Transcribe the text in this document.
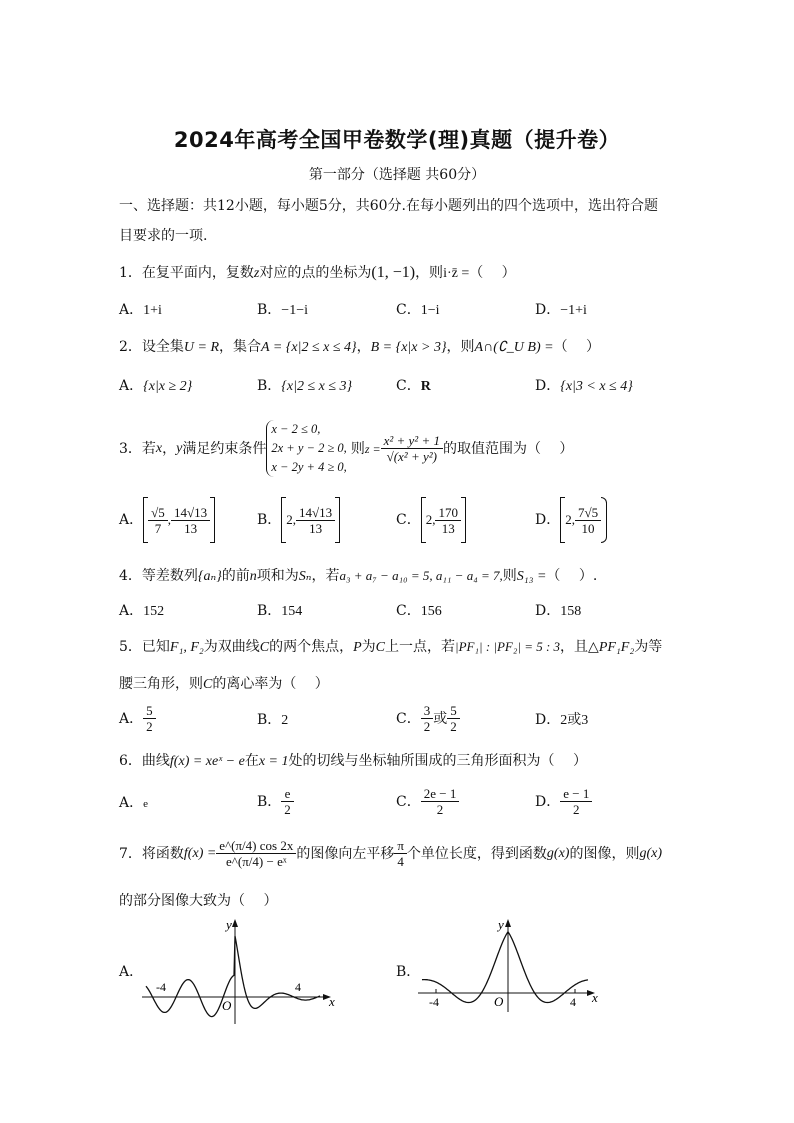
2024年高考全国甲卷数学(理)真题（提升卷）
第一部分（选择题 共60分）
一、选择题：共12小题，每小题5分，共60分.在每小题列出的四个选项中，选出符合题
目要求的一项.
1．在复平面内，复数z对应的点的坐标为(1, −1)，则i·z̄ =（　 ）
A．1+i	B．−1−i	C．1−i	D．−1+i
2．设全集U = R，集合A = {x|2 ≤ x ≤ 4}，B = {x|x > 3}，则A∩(∁_U B) =（　 ）
A．{x|x ≥ 2}	B．{x|2 ≤ x ≤ 3}	C．R	D．{x|3 < x ≤ 4}
3．若 x ， y 满足约束条件
x − 2 ≤ 0,
2x + y − 2 ≥ 0,
x − 2y + 4 ≥ 0,
则 $z = \frac{\text{x² + y² + 1}}{\text{√(x² + y²)}}$ 的取值范围为（　 ）
A． $\frac{√5}{7}$ , $\frac{14√13}{13}$	B． 2 , $\frac{14√13}{13}$	C． 2 , $\frac{170}{13}$	D． 2 , $\frac{7√5}{10}$
4．等差数列{aₙ}的前n项和为Sₙ，若a₃ + a₇ − a₁₀ = 5, a₁₁ − a₄ = 7,则S₁₃ =（　 ）.
A．152	B．154	C．156	D．158
5．已知F₁, F₂为双曲线C的两个焦点，P为C上一点，若|PF₁| : |PF₂| = 5 : 3，且△PF₁F₂为等
腰三角形，则C的离心率为（　 ）
A． $\frac{5}{2}$	B．2	C． $\frac{3}{2}$ 或 $\frac{5}{2}$	D．2或3
6．曲线f(x) = xeˣ − e在x = 1处的切线与坐标轴所围成的三角形面积为（　 ）
A．e	B． $\frac{e}{2}$	C． $\frac{2e - 1}{2}$	D． $\frac{e - 1}{2}$
7．将函数 $f(x) = \frac{e\^{}(\pi/4) \cos 2x}{\text{e\textasciicircum{}(π/4) − eˣ}}$ 的图像向左平移 $\frac{\pi}{4}$ 个单位长度，得到函数 g(x) 的图像，则 g(x)
的部分图像大致为（　 ）
A．
x
y
O
-4	4
B．
x
y
O
-4	4
